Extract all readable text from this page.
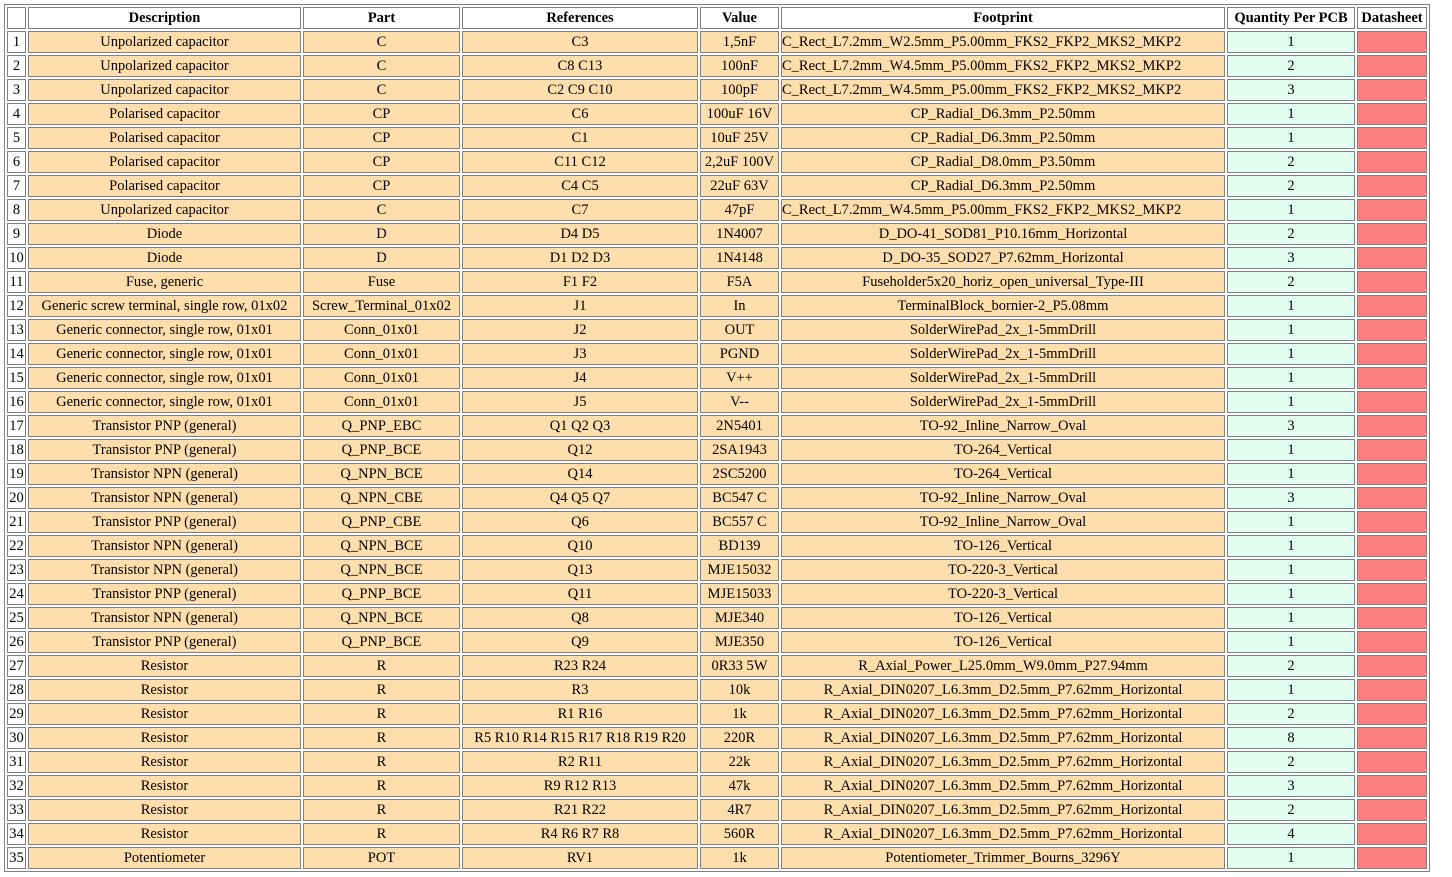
	Description	Part	References	Value	Footprint	Quantity Per PCB	Datasheet
1	Unpolarized capacitor	C	C3	1,5nF	C_Rect_L7.2mm_W2.5mm_P5.00mm_FKS2_FKP2_MKS2_MKP2	1	
2	Unpolarized capacitor	C	C8 C13	100nF	C_Rect_L7.2mm_W4.5mm_P5.00mm_FKS2_FKP2_MKS2_MKP2	2	
3	Unpolarized capacitor	C	C2 C9 C10	100pF	C_Rect_L7.2mm_W4.5mm_P5.00mm_FKS2_FKP2_MKS2_MKP2	3	
4	Polarised capacitor	CP	C6	100uF 16V	CP_Radial_D6.3mm_P2.50mm	1	
5	Polarised capacitor	CP	C1	10uF 25V	CP_Radial_D6.3mm_P2.50mm	1	
6	Polarised capacitor	CP	C11 C12	2,2uF 100V	CP_Radial_D8.0mm_P3.50mm	2	
7	Polarised capacitor	CP	C4 C5	22uF 63V	CP_Radial_D6.3mm_P2.50mm	2	
8	Unpolarized capacitor	C	C7	47pF	C_Rect_L7.2mm_W4.5mm_P5.00mm_FKS2_FKP2_MKS2_MKP2	1	
9	Diode	D	D4 D5	1N4007	D_DO-41_SOD81_P10.16mm_Horizontal	2	
10	Diode	D	D1 D2 D3	1N4148	D_DO-35_SOD27_P7.62mm_Horizontal	3	
11	Fuse, generic	Fuse	F1 F2	F5A	Fuseholder5x20_horiz_open_universal_Type-III	2	
12	Generic screw terminal, single row, 01x02	Screw_Terminal_01x02	J1	In	TerminalBlock_bornier-2_P5.08mm	1	
13	Generic connector, single row, 01x01	Conn_01x01	J2	OUT	SolderWirePad_2x_1-5mmDrill	1	
14	Generic connector, single row, 01x01	Conn_01x01	J3	PGND	SolderWirePad_2x_1-5mmDrill	1	
15	Generic connector, single row, 01x01	Conn_01x01	J4	V++	SolderWirePad_2x_1-5mmDrill	1	
16	Generic connector, single row, 01x01	Conn_01x01	J5	V--	SolderWirePad_2x_1-5mmDrill	1	
17	Transistor PNP (general)	Q_PNP_EBC	Q1 Q2 Q3	2N5401	TO-92_Inline_Narrow_Oval	3	
18	Transistor PNP (general)	Q_PNP_BCE	Q12	2SA1943	TO-264_Vertical	1	
19	Transistor NPN (general)	Q_NPN_BCE	Q14	2SC5200	TO-264_Vertical	1	
20	Transistor NPN (general)	Q_NPN_CBE	Q4 Q5 Q7	BC547 C	TO-92_Inline_Narrow_Oval	3	
21	Transistor PNP (general)	Q_PNP_CBE	Q6	BC557 C	TO-92_Inline_Narrow_Oval	1	
22	Transistor NPN (general)	Q_NPN_BCE	Q10	BD139	TO-126_Vertical	1	
23	Transistor NPN (general)	Q_NPN_BCE	Q13	MJE15032	TO-220-3_Vertical	1	
24	Transistor PNP (general)	Q_PNP_BCE	Q11	MJE15033	TO-220-3_Vertical	1	
25	Transistor NPN (general)	Q_NPN_BCE	Q8	MJE340	TO-126_Vertical	1	
26	Transistor PNP (general)	Q_PNP_BCE	Q9	MJE350	TO-126_Vertical	1	
27	Resistor	R	R23 R24	0R33 5W	R_Axial_Power_L25.0mm_W9.0mm_P27.94mm	2	
28	Resistor	R	R3	10k	R_Axial_DIN0207_L6.3mm_D2.5mm_P7.62mm_Horizontal	1	
29	Resistor	R	R1 R16	1k	R_Axial_DIN0207_L6.3mm_D2.5mm_P7.62mm_Horizontal	2	
30	Resistor	R	R5 R10 R14 R15 R17 R18 R19 R20	220R	R_Axial_DIN0207_L6.3mm_D2.5mm_P7.62mm_Horizontal	8	
31	Resistor	R	R2 R11	22k	R_Axial_DIN0207_L6.3mm_D2.5mm_P7.62mm_Horizontal	2	
32	Resistor	R	R9 R12 R13	47k	R_Axial_DIN0207_L6.3mm_D2.5mm_P7.62mm_Horizontal	3	
33	Resistor	R	R21 R22	4R7	R_Axial_DIN0207_L6.3mm_D2.5mm_P7.62mm_Horizontal	2	
34	Resistor	R	R4 R6 R7 R8	560R	R_Axial_DIN0207_L6.3mm_D2.5mm_P7.62mm_Horizontal	4	
35	Potentiometer	POT	RV1	1k	Potentiometer_Trimmer_Bourns_3296Y	1	
